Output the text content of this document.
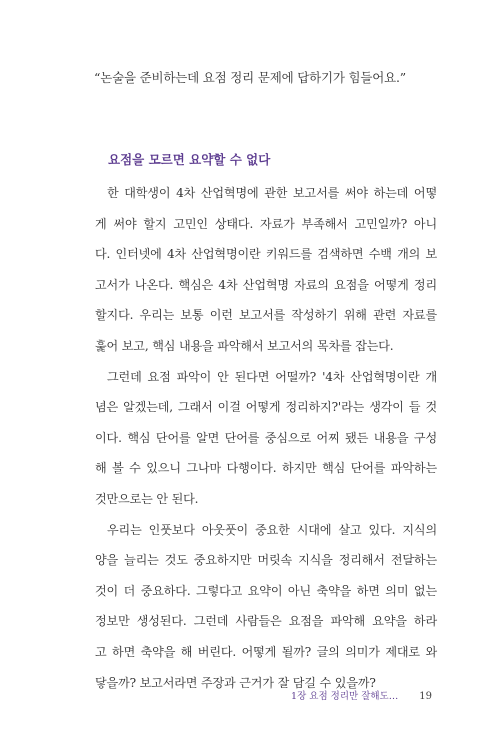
“논술을 준비하는데 요점 정리 문제에 답하기가 힘들어요.”
요점을 모르면 요약할 수 없다
한 대학생이 4차 산업혁명에 관한 보고서를 써야 하는데 어떻
게 써야 할지 고민인 상태다. 자료가 부족해서 고민일까? 아니
다. 인터넷에 4차 산업혁명이란 키워드를 검색하면 수백 개의 보
고서가 나온다. 핵심은 4차 산업혁명 자료의 요점을 어떻게 정리
할지다. 우리는 보통 이런 보고서를 작성하기 위해 관련 자료를
훑어 보고, 핵심 내용을 파악해서 보고서의 목차를 잡는다.
그런데 요점 파악이 안 된다면 어떨까? '4차 산업혁명이란 개
념은 알겠는데, 그래서 이걸 어떻게 정리하지?'라는 생각이 들 것
이다. 핵심 단어를 알면 단어를 중심으로 어찌 됐든 내용을 구성
해 볼 수 있으니 그나마 다행이다. 하지만 핵심 단어를 파악하는
것만으로는 안 된다.
우리는 인풋보다 아웃풋이 중요한 시대에 살고 있다. 지식의
양을 늘리는 것도 중요하지만 머릿속 지식을 정리해서 전달하는
것이 더 중요하다. 그렇다고 요약이 아닌 축약을 하면 의미 없는
정보만 생성된다. 그런데 사람들은 요점을 파악해 요약을 하라
고 하면 축약을 해 버린다. 어떻게 될까? 글의 의미가 제대로 와
닿을까? 보고서라면 주장과 근거가 잘 담길 수 있을까?
1장 요점 정리만 잘해도… 19
